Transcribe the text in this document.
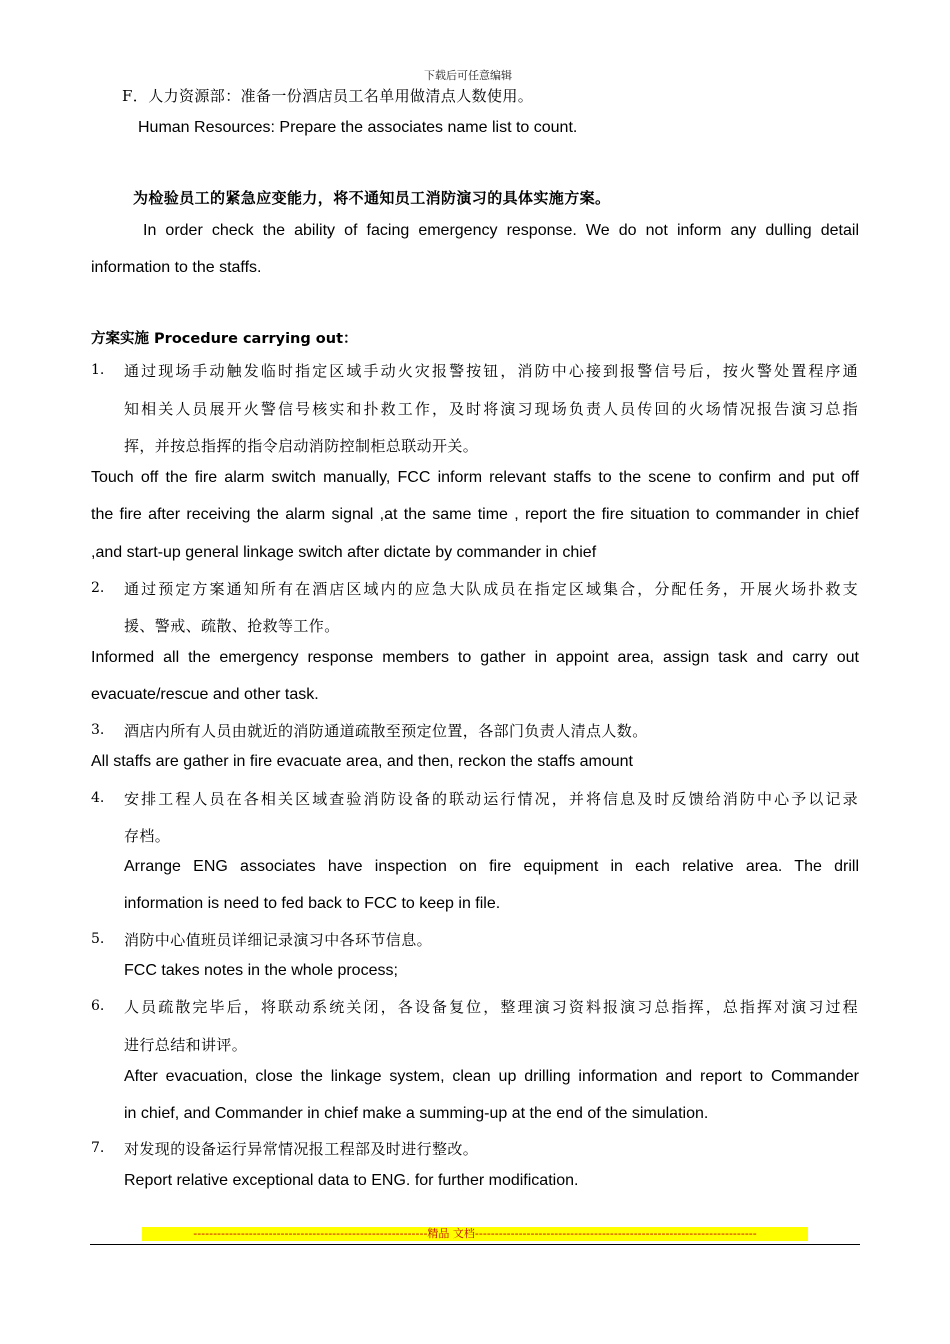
下载后可任意编辑
F．人力资源部：准备一份酒店员工名单用做清点人数使用。
Human Resources: Prepare the associates name list to count.
为检验员工的紧急应变能力，将不通知员工消防演习的具体实施方案。
In order check the ability of facing emergency response. We do not inform any dulling detail
information to the staffs.
方案实施 Procedure carrying out：
1. 通过现场手动触发临时指定区域手动火灾报警按钮，消防中心接到报警信号后，按火警处置程序通
知相关人员展开火警信号核实和扑救工作，及时将演习现场负责人员传回的火场情况报告演习总指
挥，并按总指挥的指令启动消防控制柜总联动开关。
Touch off the fire alarm switch manually, FCC inform relevant staffs to the scene to confirm and put off
the fire after receiving the alarm signal ,at the same time , report the fire situation to commander in chief
,and start-up general linkage switch after dictate by commander in chief
2. 通过预定方案通知所有在酒店区域内的应急大队成员在指定区域集合，分配任务，开展火场扑救支
援、警戒、疏散、抢救等工作。
Informed all the emergency response members to gather in appoint area, assign task and carry out
evacuate/rescue and other task.
3. 酒店内所有人员由就近的消防通道疏散至预定位置，各部门负责人清点人数。
All staffs are gather in fire evacuate area, and then, reckon the staffs amount
4. 安排工程人员在各相关区域查验消防设备的联动运行情况，并将信息及时反馈给消防中心予以记录
存档。
Arrange ENG associates have inspection on fire equipment in each relative area. The drill
information is need to fed back to FCC to keep in file.
5. 消防中心值班员详细记录演习中各环节信息。
FCC takes notes in the whole process;
6. 人员疏散完毕后，将联动系统关闭，各设备复位，整理演习资料报演习总指挥，总指挥对演习过程
进行总结和讲评。
After evacuation, close the linkage system, clean up drilling information and report to Commander
in chief, and Commander in chief make a summing-up at the end of the simulation.
7. 对发现的设备运行异常情况报工程部及时进行整改。
Report relative exceptional data to ENG. for further modification.
-----------------------------------------------------------精品 文档-----------------------------------------------------------------------
